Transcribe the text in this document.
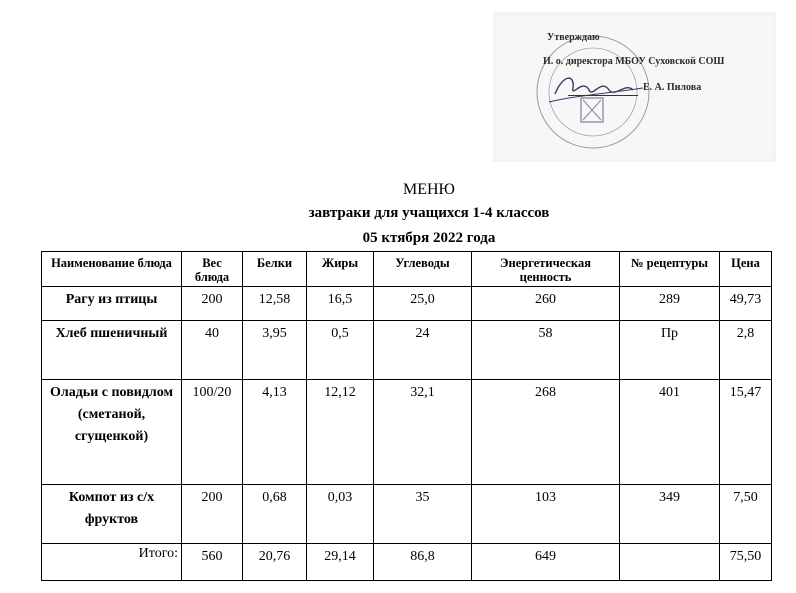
Утверждаю
И. о. директора МБОУ Суховской СОШ
Е. А. Пилова
МЕНЮ
завтраки для учащихся 1-4 классов
05 ктября 2022 года
Наименование блюда	Вес блюда	Белки	Жиры	Углеводы	Энергетическая ценность	№ рецептуры	Цена
Рагу из птицы	200	12,58	16,5	25,0	260	289	49,73
Хлеб пшеничный	40	3,95	0,5	24	58	Пр	2,8
Оладьи с повидлом (сметаной, сгущенкой)	100/20	4,13	12,12	32,1	268	401	15,47
Компот из с/х фруктов	200	0,68	0,03	35	103	349	7,50
Итого:	560	20,76	29,14	86,8	649		75,50
